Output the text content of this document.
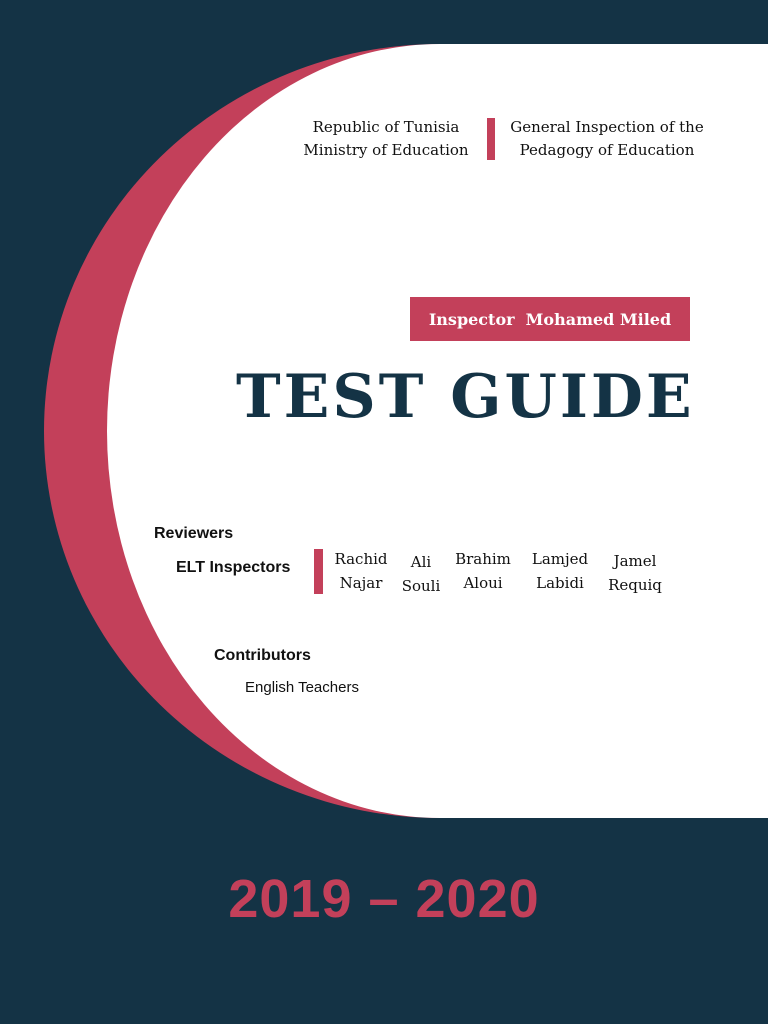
Republic of Tunisia
Ministry of Education
General Inspection of the
Pedagogy of Education
Inspector  Mohamed Miled
TEST GUIDE
Reviewers
ELT Inspectors	Rachid
Najar
Ali
Souli
Brahim
Aloui
Lamjed
Labidi
Jamel
Requiq
Contributors
English Teachers
2019 – 2020
